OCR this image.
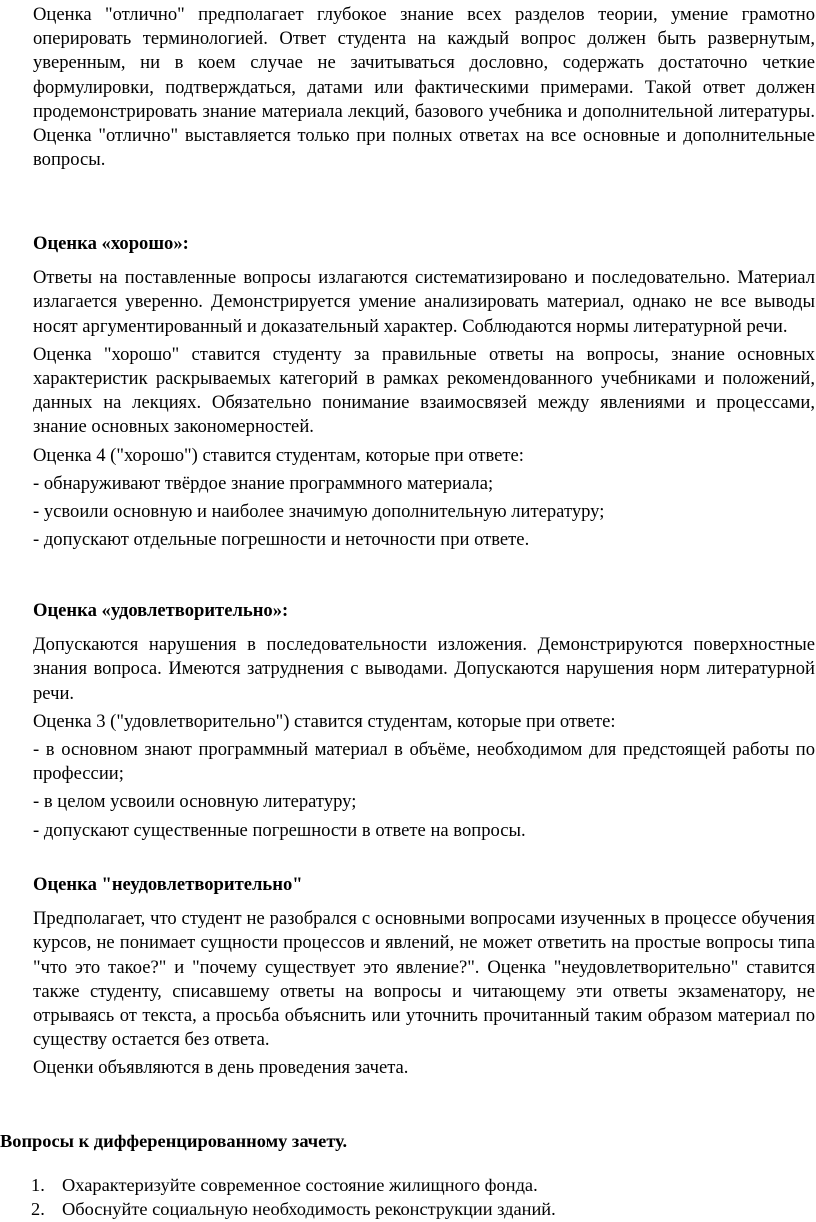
Оценка "отлично" предполагает глубокое знание всех разделов теории, умение грамотно оперировать терминологией. Ответ студента на каждый вопрос должен быть развернутым, уверенным, ни в коем случае не зачитываться дословно, содержать достаточно четкие формулировки, подтверждаться, датами или фактическими примерами. Такой ответ должен продемонстрировать знание материала лекций, базового учебника и дополнительной литературы. Оценка "отлично" выставляется только при полных ответах на все основные и дополнительные вопросы.

Оценка «хорошо»:

Ответы на поставленные вопросы излагаются систематизировано и последовательно. Материал излагается уверенно. Демонстрируется умение анализировать материал, однако не все выводы носят аргументированный и доказательный характер. Соблюдаются нормы литературной речи.

Оценка "хорошо" ставится студенту за правильные ответы на вопросы, знание основных характеристик раскрываемых категорий в рамках рекомендованного учебниками и положений, данных на лекциях. Обязательно понимание взаимосвязей между явлениями и процессами, знание основных закономерностей.

Оценка 4 ("хорошо") ставится студентам, которые при ответе:

- обнаруживают твёрдое знание программного материала;

- усвоили основную и наиболее значимую дополнительную литературу;

- допускают отдельные погрешности и неточности при ответе.

Оценка «удовлетворительно»:

Допускаются нарушения в последовательности изложения. Демонстрируются поверхностные знания вопроса. Имеются затруднения с выводами. Допускаются нарушения норм литературной речи.

Оценка 3 ("удовлетворительно") ставится студентам, которые при ответе:

- в основном знают программный материал в объёме, необходимом для предстоящей работы по профессии;

- в целом усвоили основную литературу;

- допускают существенные погрешности в ответе на вопросы.

Оценка "неудовлетворительно"

Предполагает, что студент не разобрался с основными вопросами изученных в процессе обучения курсов, не понимает сущности процессов и явлений, не может ответить на простые вопросы типа "что это такое?" и "почему существует это явление?". Оценка "неудовлетворительно" ставится также студенту, списавшему ответы на вопросы и читающему эти ответы экзаменатору, не отрываясь от текста, а просьба объяснить или уточнить прочитанный таким образом материал по существу остается без ответа.

Оценки объявляются в день проведения зачета.

Вопросы к дифференцированному зачету.
1. Охарактеризуйте современное состояние жилищного фонда.
2. Обоснуйте социальную необходимость реконструкции зданий.
